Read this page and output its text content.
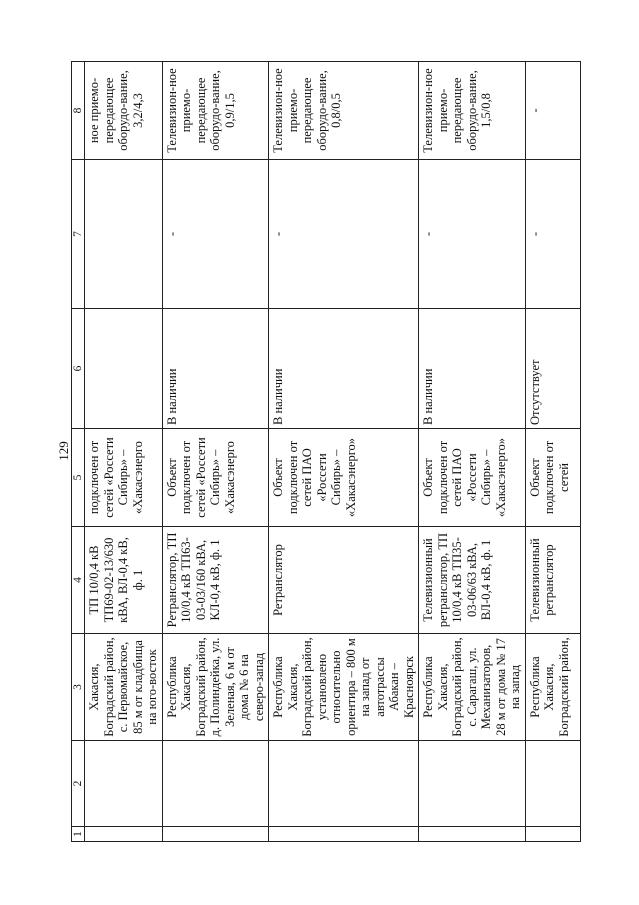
129
1	2	3	4	5	6	7	8
		Хакасия, Боградский район, с. Первомайское, 85 м от кладбища на юго-восток	ТП 10/0,4 кВ ТП69-02-13/630 кВА, ВЛ-0,4 кВ, ф. 1	подключен от сетей «Россети Сибирь» – «Хакасэнерго			ное приемо-передающее оборудо-вание, 3,2/4,3
		Республика Хакасия, Боградский район, д. Полиндейка, ул. Зеленая, 6 м от дома № 6 на северо-запад	Ретранслятор, ТП 10/0,4 кВ ТП63-03-03/160 кВА, КЛ-0,4 кВ, ф. 1	Объект подключен от сетей «Россети Сибирь» – «Хакасэнерго	В наличии	-	Телевизион-ное приемо-передающее оборудо-вание, 0,9/1,5
		Республика Хакасия, Боградский район, установлено относительно ориентира – 800 м на запад от автотрассы Абакан – Красноярск	Ретранслятор	Объект подключен от сетей ПАО «Россети Сибирь» – «Хакасэнерго»	В наличии	-	Телевизион-ное приемо-передающее оборудо-вание, 0,8/0,5
		Республика Хакасия, Боградский район, с. Сарагаш, ул. Механизаторов, 28 м от дома № 17 на запад	Телевизионный ретранслятор, ТП 10/0,4 кВ ТП35-03-06/63 кВА, ВЛ-0,4 кВ, ф. 1	Объект подключен от сетей ПАО «Россети Сибирь» – «Хакасэнерго»	В наличии	-	Телевизион-ное приемо-передающее оборудо-вание, 1,5/0,8
		Республика Хакасия, Боградский район,	Телевизионный ретранслятор	Объект подключен от сетей	Отсутствует	-	-
